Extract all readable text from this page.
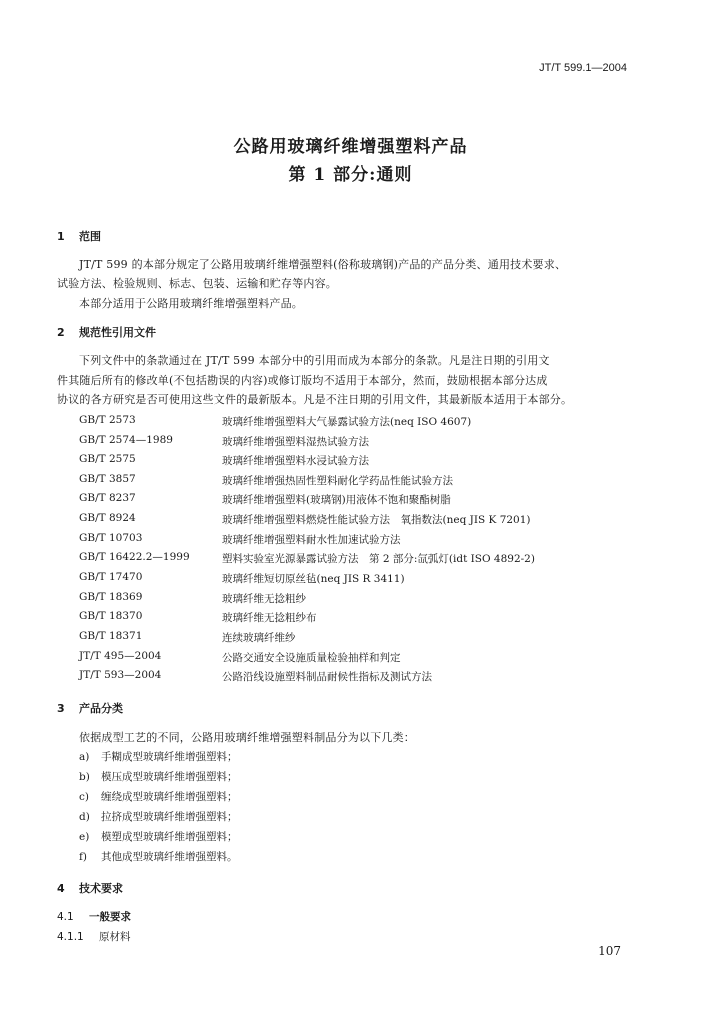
JT/T 599.1—2004
公路用玻璃纤维增强塑料产品
第 1 部分:通则
1 范围
JT/T 599 的本部分规定了公路用玻璃纤维增强塑料(俗称玻璃钢)产品的产品分类、通用技术要求、
试验方法、检验规则、标志、包装、运输和贮存等内容。
本部分适用于公路用玻璃纤维增强塑料产品。
2 规范性引用文件
下列文件中的条款通过在 JT/T 599 本部分中的引用而成为本部分的条款。凡是注日期的引用文
件其随后所有的修改单(不包括勘误的内容)或修订版均不适用于本部分，然而，鼓励根据本部分达成
协议的各方研究是否可使用这些文件的最新版本。凡是不注日期的引用文件，其最新版本适用于本部分。
GB/T 2573	玻璃纤维增强塑料大气暴露试验方法(neq ISO 4607)
GB/T 2574—1989	玻璃纤维增强塑料湿热试验方法
GB/T 2575	玻璃纤维增强塑料水浸试验方法
GB/T 3857	玻璃纤维增强热固性塑料耐化学药品性能试验方法
GB/T 8237	玻璃纤维增强塑料(玻璃钢)用液体不饱和聚酯树脂
GB/T 8924	玻璃纤维增强塑料燃烧性能试验方法　氧指数法(neq JIS K 7201)
GB/T 10703	玻璃纤维增强塑料耐水性加速试验方法
GB/T 16422.2—1999	塑料实验室光源暴露试验方法　第 2 部分:氙弧灯(idt ISO 4892-2)
GB/T 17470	玻璃纤维短切原丝毡(neq JIS R 3411)
GB/T 18369	玻璃纤维无捻粗纱
GB/T 18370	玻璃纤维无捻粗纱布
GB/T 18371	连续玻璃纤维纱
JT/T 495—2004	公路交通安全设施质量检验抽样和判定
JT/T 593—2004	公路沿线设施塑料制品耐候性指标及测试方法
3 产品分类
依据成型工艺的不同，公路用玻璃纤维增强塑料制品分为以下几类：
a) 手糊成型玻璃纤维增强塑料；
b) 模压成型玻璃纤维增强塑料；
c) 缠绕成型玻璃纤维增强塑料；
d) 拉挤成型玻璃纤维增强塑料；
e) 模塑成型玻璃纤维增强塑料；
f) 其他成型玻璃纤维增强塑料。
4 技术要求
4.1 一般要求
4.1.1 原材料
107
